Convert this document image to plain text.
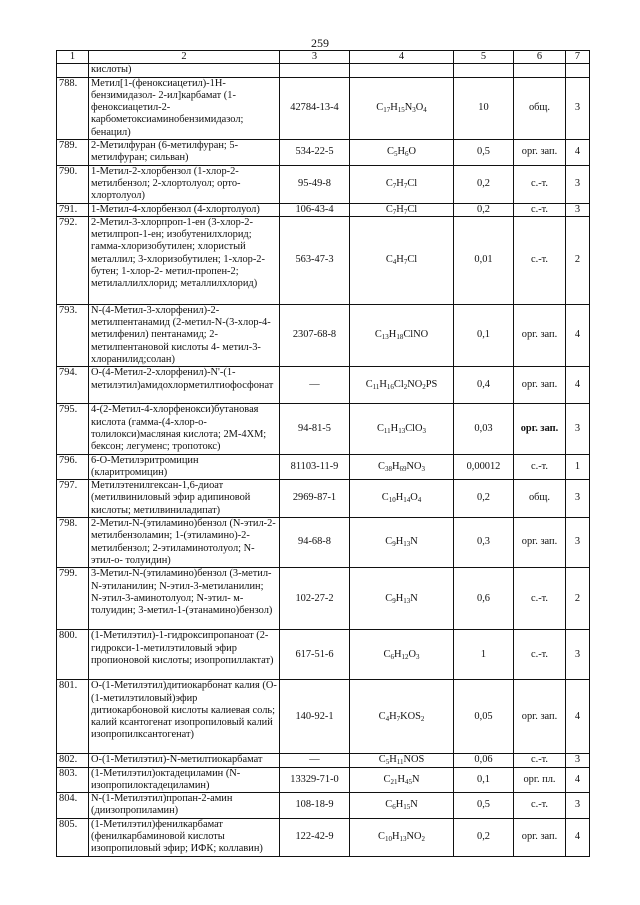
259
1	2	3	4	5	6	7
	кислоты)					
788.	Метил[1-(феноксиацетил)-1Н-бензимидазол- 2-ил]карбамат (1-феноксиацетил-2-карбометоксиаминобензимидазол; бенацил)	42784-13-4	$C_{17}H_{15}N_3O_4$	10	общ.	3
789.	2-Метилфуран (6-метилфуран; 5-метилфуран; сильван)	534-22-5	$C_5H_6O$	0,5	орг. зап.	4
790.	1-Метил-2-хлорбензол (1-хлор-2-метилбензол; 2-хлортолуол; орто- хлортолуол)	95-49-8	$C_7H_7Cl$	0,2	с.-т.	3
791.	1-Метил-4-хлорбензол (4-хлортолуол)	106-43-4	$C_7H_7Cl$	0,2	с.-т.	3
792.	2-Метил-3-хлорпроп-1-ен (3-хлор-2-метилпроп-1-ен; изобутенилхлорид; гамма-хлоризобутилен; хлористый металлил; 3-хлоризобутилен; 1-хлор-2-бутен; 1-хлор-2- метил-пропен-2; метилаллилхлорид; металлилхлорид)	563-47-3	$C_4H_7Cl$	0,01	с.-т.	2
793.	N-(4-Метил-3-хлорфенил)-2-метилпентанамид (2-метил-N-(3-хлор-4-метилфенил) пентанамид; 2-метилпентановой кислоты 4- метил-3-хлоранилид;солан)	2307-68-8	$C_{13}H_{18}ClNO$	0,1	орг. зап.	4
794.	O-(4-Метил-2-хлорфенил)-N'-(1-метилэтил)амидохлорметилтиофосфонат	—	$C_{11}H_{16}Cl_2NO_2PS$	0,4	орг. зап.	4
795.	4-(2-Метил-4-хлорфенокси)бутановая кислота (гамма-(4-хлор-о-толилокси)масляная кислота; 2М-4ХМ; бексон; легуменс; тропотокс)	94-81-5	$C_{11}H_{13}ClO_3$	0,03	орг. зап.	3
796.	6-O-Метилэритромицин (кларитромицин)	81103-11-9	$C_{38}H_{69}NO_3$	0,00012	с.-т.	1
797.	Метилэтенилгексан-1,6-диоат (метилвиниловый эфир адипиновой кислоты; метилвиниладипат)	2969-87-1	$C_{10}H_{14}O_4$	0,2	общ.	3
798.	2-Метил-N-(этиламино)бензол (N-этил-2-метилбензоламин; 1-(этиламино)-2- метилбензол; 2-этиламинотолуол; N-этил-о- толуидин)	94-68-8	$C_9H_{13}N$	0,3	орг. зап.	3
799.	3-Метил-N-(этиламино)бензол (3-метил-N-этиланилин; N-этил-3-метиланилин; N-этил-3-аминотолуол; N-этил- м-толуидин; 3-метил-1-(этанамино)бензол)	102-27-2	$C_9H_{13}N$	0,6	с.-т.	2
800.	(1-Метилэтил)-1-гидроксипропаноат (2-гидрокси-1-метилэтиловый эфир пропионовой кислоты; изопропиллактат)	617-51-6	$C_6H_{12}O_3$	1	с.-т.	3
801.	O-(1-Метилэтил)дитиокарбонат калия (O-(1-метилэтиловый)эфир дитиокарбоновой кислоты калиевая соль; калий ксантогенат изопропиловый калий изопропилксантогенат)	140-92-1	$C_4H_7KOS_2$	0,05	орг. зап.	4
802.	O-(1-Метилэтил)-N-метилтиокарбамат	—	$C_5H_{11}NOS$	0,06	с.-т.	3
803.	(1-Метилэтил)октадециламин (N-изопропилоктадециламин)	13329-71-0	$C_{21}H_{45}N$	0,1	орг. пл.	4
804.	N-(1-Метилэтил)пропан-2-амин (диизопропиламин)	108-18-9	$C_6H_{15}N$	0,5	с.-т.	3
805.	(1-Метилэтил)фенилкарбамат (фенилкарбаминовой кислоты изопропиловый эфир; ИФК; коллавин)	122-42-9	$C_{10}H_{13}NO_2$	0,2	орг. зап.	4
